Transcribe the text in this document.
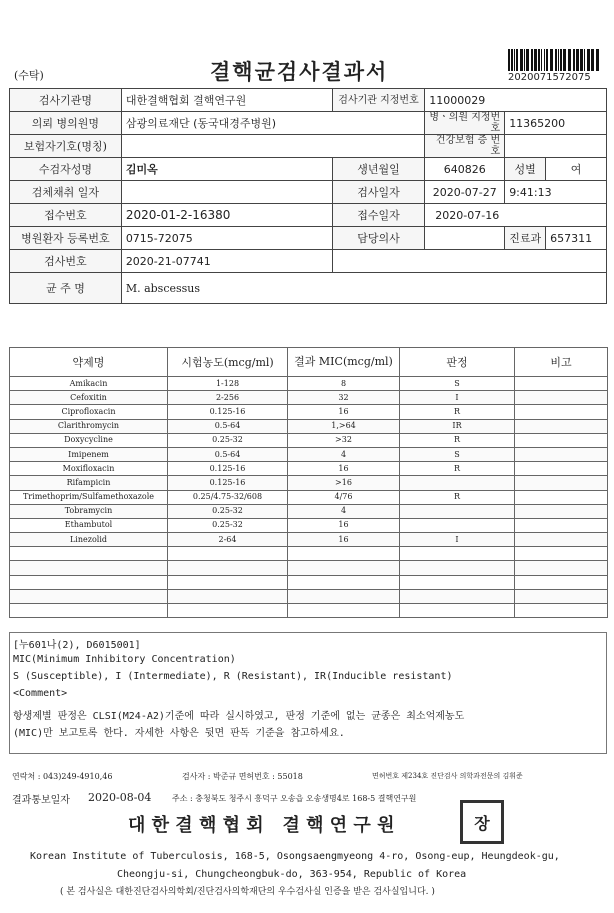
(수탁)	결핵균검사결과서	2020071572075
검사기관명	대한결핵협회 결핵연구원	검사기관 지정번호	11000029		
의뢰 병의원명	삼광의료재단 (동국대경주병원)		병ㆍ의원 지정번호	11365200	
보험자기호(명칭)			건강보험 증 번 호		
수검자성명	김미옥	생년월일	640826	성별	여
검체채취 일자		검사일자	2020-07-27	9:41:13	
접수번호	2020-01-2-16380	접수일자	2020-07-16		
병원환자 등록번호	0715-72075	담당의사		진료과	657311
검사번호	2020-21-07741				
균 주 명	M. abscessus				
약제명	시험농도(mcg/ml)	결과 MIC(mcg/ml)	판정	비고
Amikacin	1-128	8	S	
Cefoxitin	2-256	32	I	
Ciprofloxacin	0.125-16	16	R	
Clarithromycin	0.5-64	1,>64	IR	
Doxycycline	0.25-32	>32	R	
Imipenem	0.5-64	4	S	
Moxifloxacin	0.125-16	16	R	
Rifampicin	0.125-16	>16		
Trimethoprim/Sulfamethoxazole	0.25/4.75-32/608	4/76	R	
Tobramycin	0.25-32	4		
Ethambutol	0.25-32	16		
Linezolid	2-64	16	I	

[누601나(2), D6015001]
MIC(Minimum Inhibitory Concentration)
S (Susceptible), I (Intermediate), R (Resistant), IR(Inducible resistant)
<Comment>
항생제별 판정은 CLSI(M24-A2)기준에 따라 실시하였고, 판정 기준에 없는 균종은 최소억제농도
(MIC)만 보고토록 한다. 자세한 사항은 뒷면 판독 기준을 참고하세요.
연락처 : 043)249-4910,46	검사자 : 박준규 면허번호 : 55018	면허번호 제234호 진단검사 의학과전문의 김휘준
결과통보일자 2020-08-04	주소 : 충청북도 청주시 흥덕구 오송읍 오송생명4로 168-5 결핵연구원
대 한 결 핵 협 회   결 핵 연 구 원	장
Korean Institute of Tuberculosis, 168-5, Osongsaengmyeong 4-ro, Osong-eup, Heungdeok-gu,
Cheongju-si, Chungcheongbuk-do, 363-954, Republic of Korea
( 본 검사실은 대한진단검사의학회/진단검사의학재단의 우수검사실 인증을 받은 검사실입니다. )
